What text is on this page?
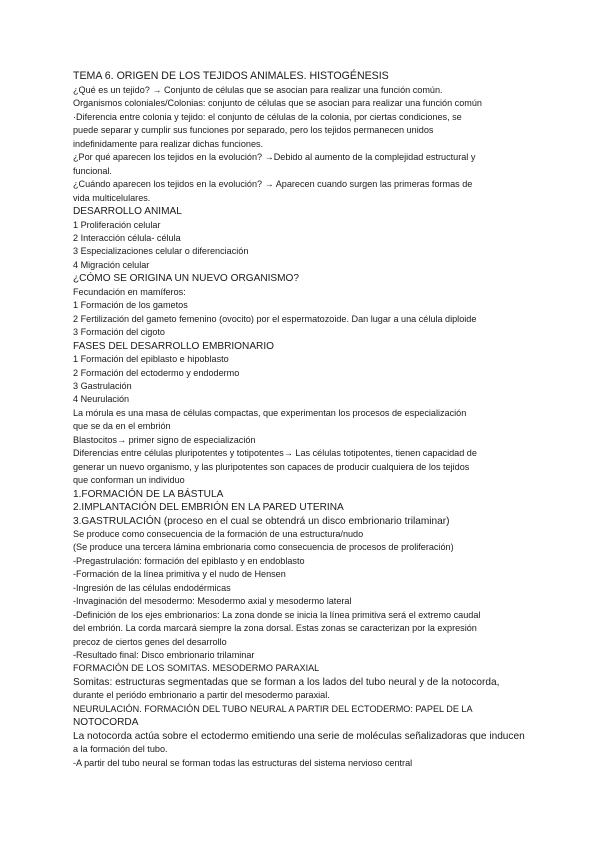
TEMA 6. ORIGEN DE LOS TEJIDOS ANIMALES. HISTOGÉNESIS
¿Qué es un tejido? → Conjunto de células que se asocian para realizar una función común.
Organismos coloniales/Colonias: conjunto de células que se asocian para realizar una función común
·Diferencia entre colonia y tejido: el conjunto de células de la colonia, por ciertas condiciones, se
puede separar y cumplir sus funciones por separado, pero los tejidos permanecen unidos
indefinidamente para realizar dichas funciones.
¿Por qué aparecen los tejidos en la evolución? →Debido al aumento de la complejidad estructural y
funcional.
¿Cuándo aparecen los tejidos en la evolución? → Aparecen cuando surgen las primeras formas de
vida multicelulares.
DESARROLLO ANIMAL
1 Proliferación celular
2 Interacción célula- célula
3 Especializaciones celular o diferenciación
4 Migración celular
¿CÓMO SE ORIGINA UN NUEVO ORGANISMO?
Fecundación en mamíferos:
1 Formación de los gametos
2 Fertilización del gameto femenino (ovocito) por el espermatozoide. Dan lugar a una célula diploide
3 Formación del cigoto
FASES DEL DESARROLLO EMBRIONARIO
1 Formación del epiblasto e hipoblasto
2 Formación del ectodermo y endodermo
3 Gastrulación
4 Neurulación
La mórula es una masa de células compactas, que experimentan los procesos de especialización
que se da en el embrión
Blastocitos→ primer signo de especialización
Diferencias entre células pluripotentes y totipotentes→ Las células totipotentes, tienen capacidad de
generar un nuevo organismo, y las pluripotentes son capaces de producir cualquiera de los tejidos
que conforman un individuo
1.FORMACIÓN DE LA BÁSTULA
2.IMPLANTACIÓN DEL EMBRIÓN EN LA PARED UTERINA
3.GASTRULACIÓN (proceso en el cual se obtendrá un disco embrionario trilaminar)
Se produce como consecuencia de la formación de una estructura/nudo
(Se produce una tercera lámina embrionaria como consecuencia de procesos de proliferación)
-Pregastrulación: formación del epiblasto y en endoblasto
-Formación de la línea primitiva y el nudo de Hensen
-Ingresión de las células endodérmicas
-Invaginación del mesodermo: Mesodermo axial y mesodermo lateral
-Definición de los ejes embrionarios: La zona donde se inicia la línea primitiva será el extremo caudal
del embrión. La corda marcará siempre la zona dorsal. Estas zonas se caracterizan por la expresión
precoz de ciertos genes del desarrollo
-Resultado final: Disco embrionario trilaminar
FORMACIÓN DE LOS SOMITAS. MESODERMO PARAXIAL
Somitas: estructuras segmentadas que se forman a los lados del tubo neural y de la notocorda,
durante el periódo embrionario a partir del mesodermo paraxial.
NEURULACIÓN. FORMACIÓN DEL TUBO NEURAL A PARTIR DEL ECTODERMO: PAPEL DE LA
NOTOCORDA
La notocorda actúa sobre el ectodermo emitiendo una serie de moléculas señalizadoras que inducen
a la formación del tubo.
-A partir del tubo neural se forman todas las estructuras del sistema nervioso central
